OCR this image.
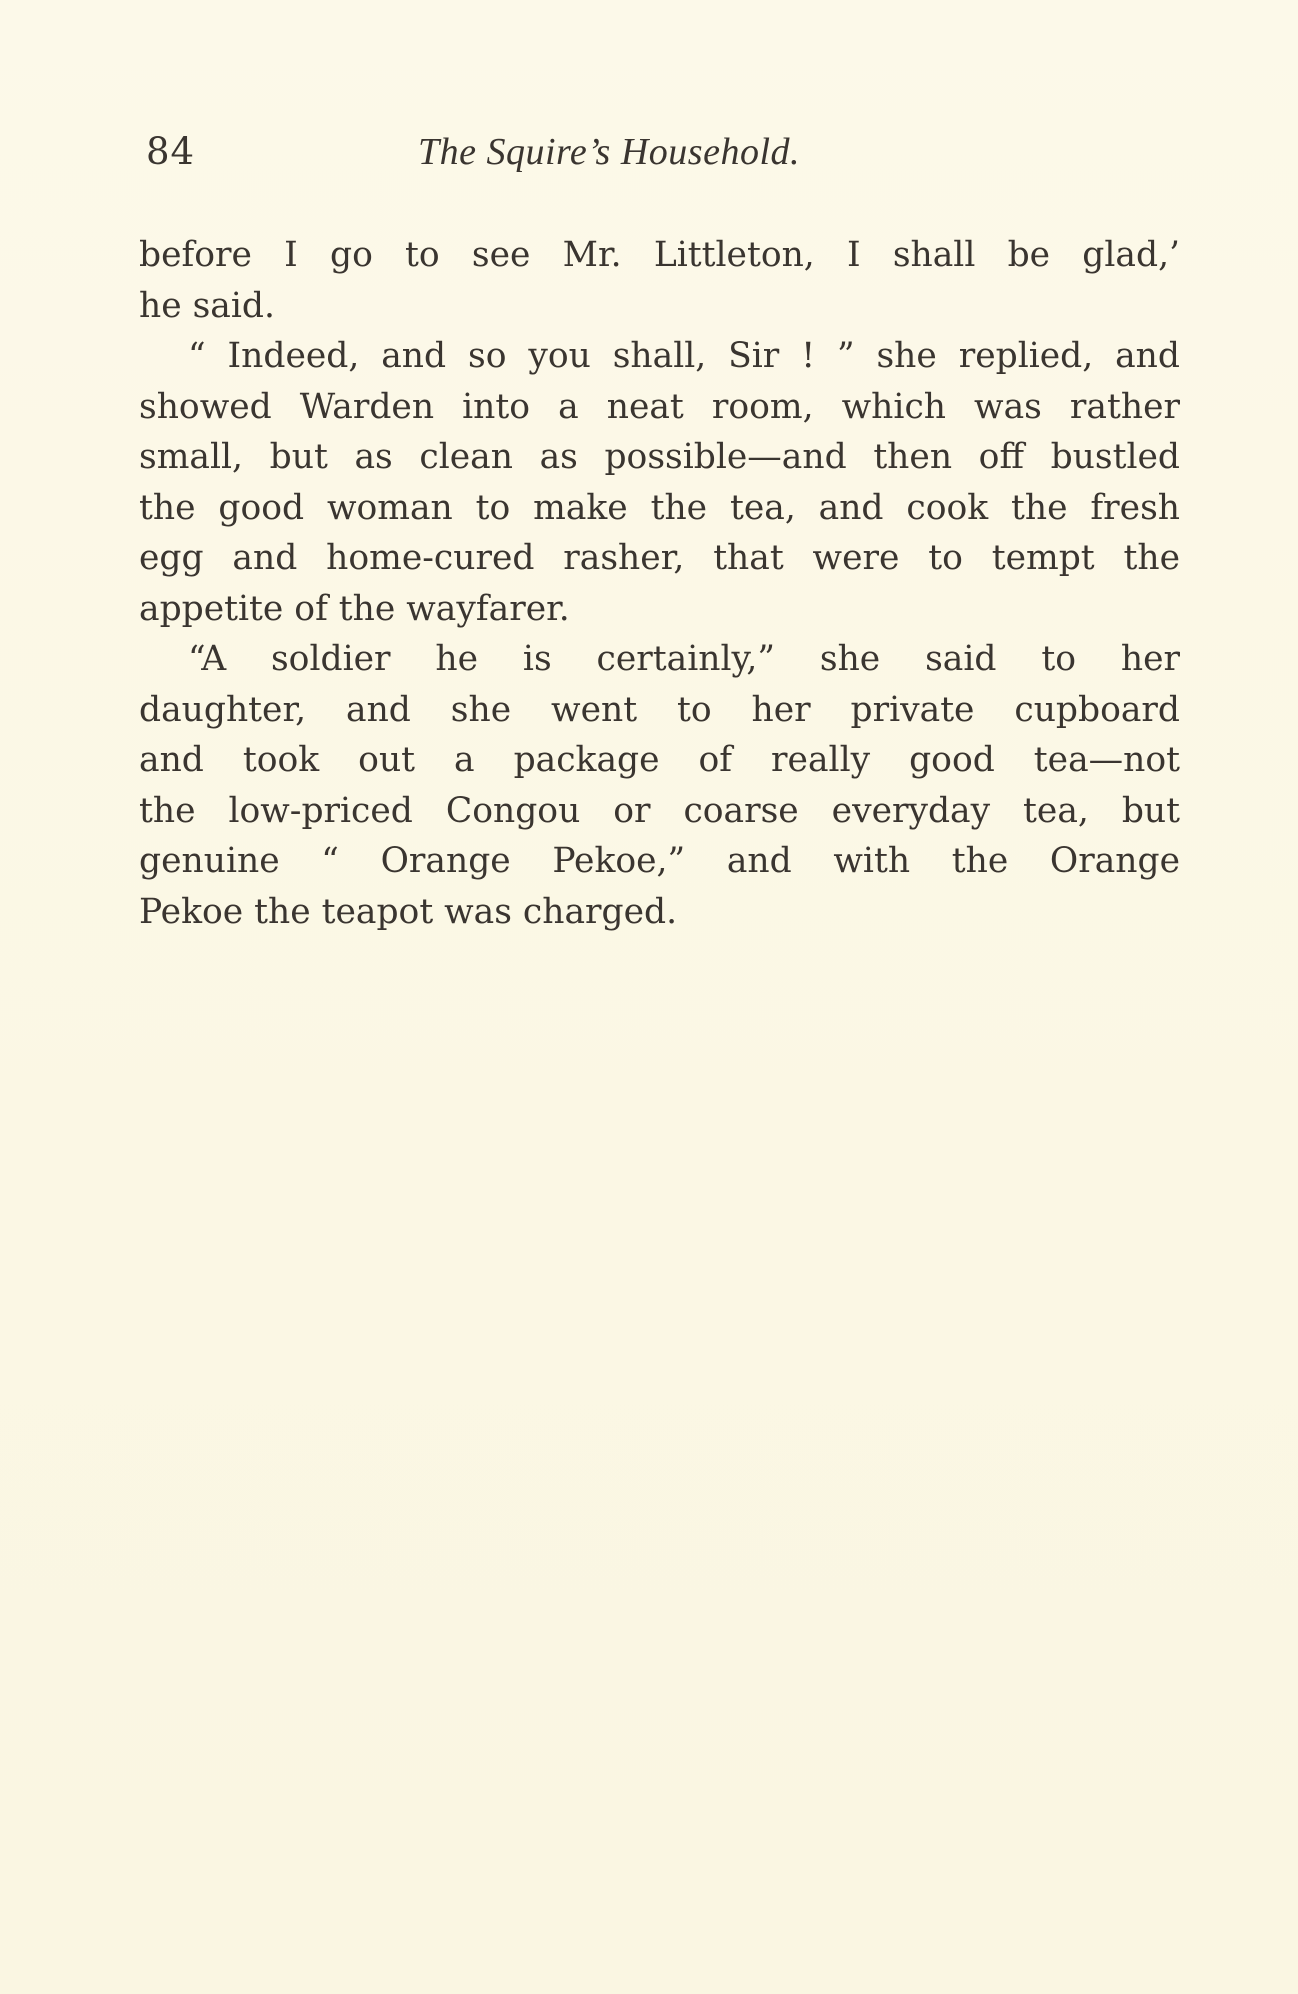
84	The Squire’s Household.
before I go to see Mr. Littleton, I shall be glad,’
he said.
“ Indeed, and so you shall, Sir ! ” she replied, and
showed Warden into a neat room, which was rather
small, but as clean as possible—and then off bustled
the good woman to make the tea, and cook the fresh
egg and home-cured rasher, that were to tempt the
appetite of the wayfarer.
“A soldier he is certainly,” she said to her
daughter, and she went to her private cupboard
and took out a package of really good tea—not
the low-priced Congou or coarse everyday tea, but
genuine “ Orange Pekoe,” and with the Orange
Pekoe the teapot was charged.
